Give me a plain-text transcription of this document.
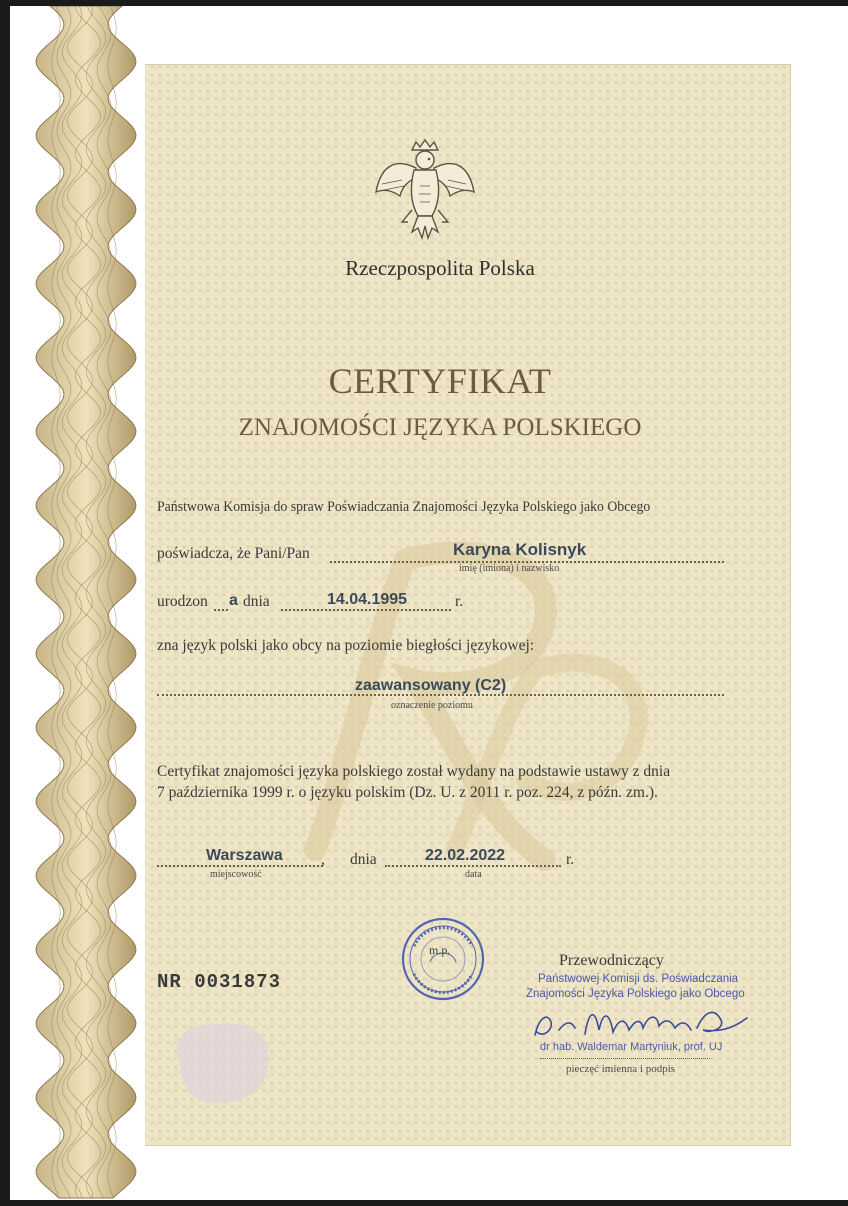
Rzeczpospolita Polska
CERTYFIKAT
ZNAJOMOŚCI JĘZYKA POLSKIEGO
Państwowa Komisja do spraw Poświadczania Znajomości Języka Polskiego jako Obcego
poświadcza, że Pani/Pan	Karyna Kolisnyk
imię (imiona) i nazwisko
urodzon a dnia	14.04.1995	r.
zna język polski jako obcy na poziomie biegłości językowej:
zaawansowany (C2)
oznaczenie poziomu
Certyfikat znajomości języka polskiego został wydany na podstawie ustawy z dnia
7 października 1999 r. o języku polskim (Dz. U. z 2011 r. poz. 224, z późn. zm.).
Warszawa ,
miejscowość
dnia	22.02.2022
data
r.
m.p.
NR 0031873
Przewodniczący
Państwowej Komisji ds. Poświadczania
Znajomości Języka Polskiego jako Obcego
dr hab. Waldemar Martyniuk, prof. UJ
pieczęć imienna i podpis
